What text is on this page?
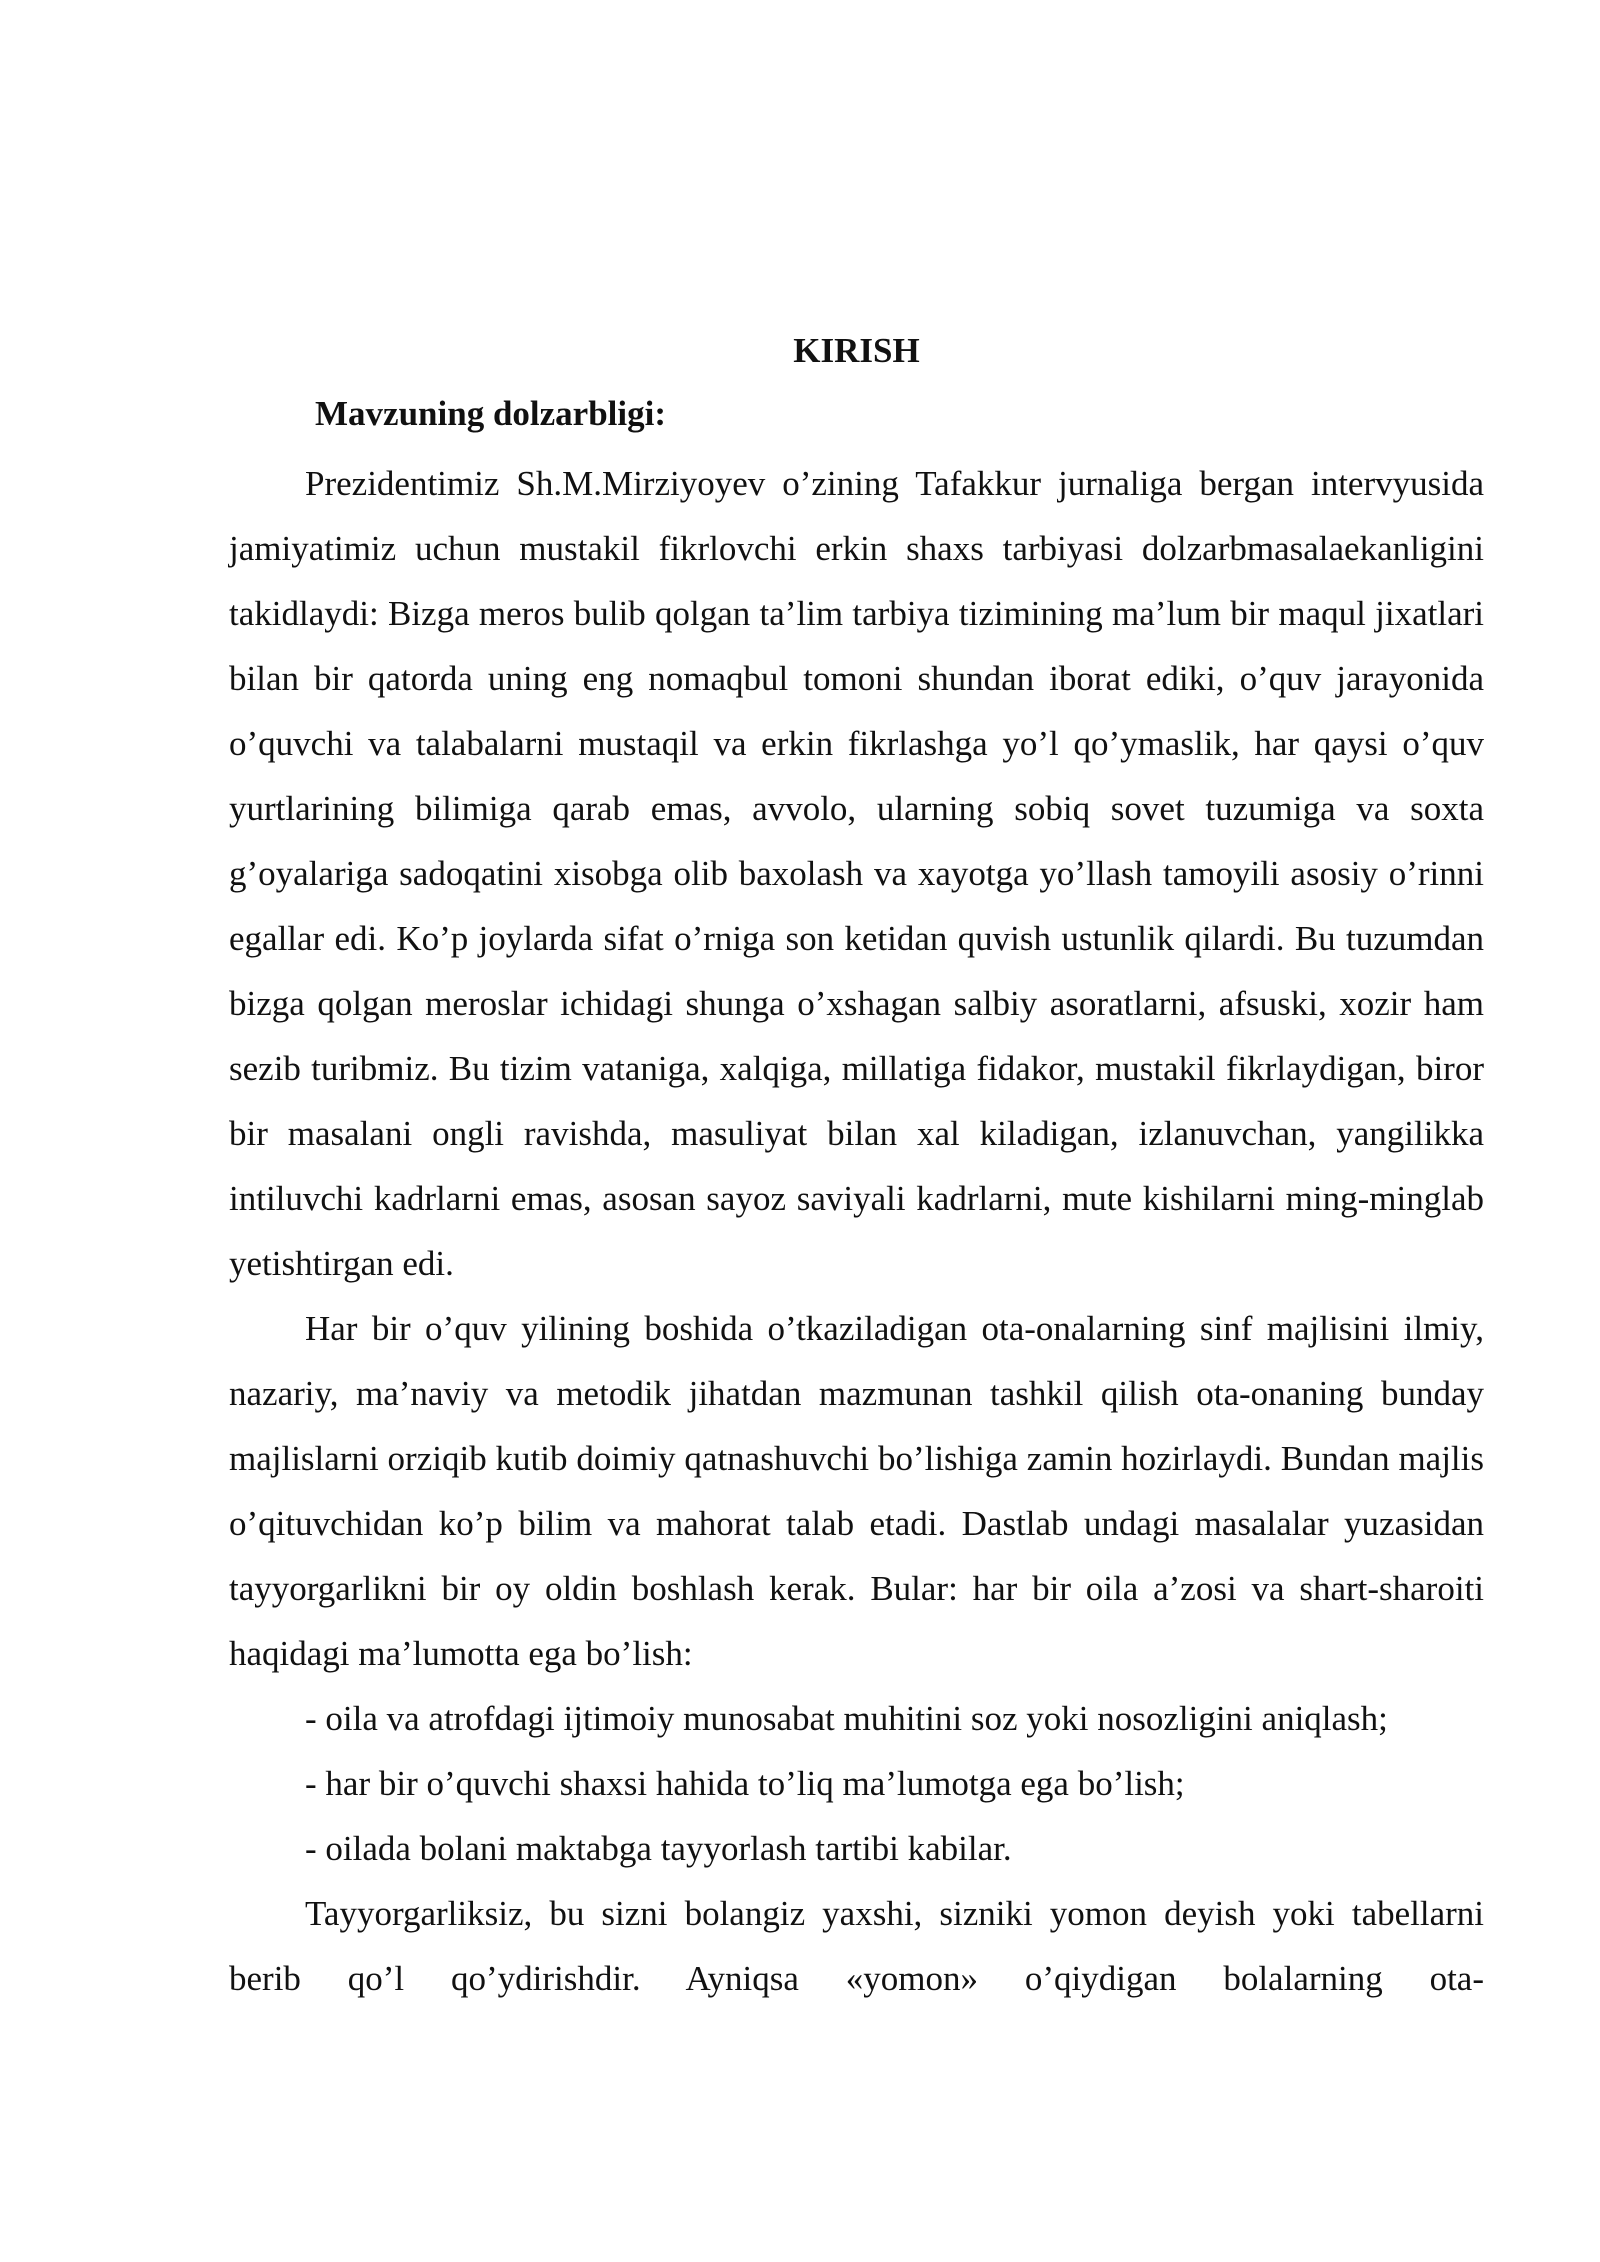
KIRISH
Mavzuning dolzarbligi:

Prezidentimiz Sh.M.Mirziyoyev o’zining Tafakkur jurnaliga bergan intervyusida jamiyatimiz uchun mustakil fikrlovchi erkin shaxs tarbiyasi dolzarbmasalaekanligini takidlaydi: Bizga meros bulib qolgan ta’lim tarbiya tizimining ma’lum bir maqul jixatlari bilan bir qatorda uning eng nomaqbul tomoni shundan iborat ediki, o’quv jarayonida o’quvchi va talabalarni mustaqil va erkin fikrlashga yo’l qo’ymaslik, har qaysi o’quv yurtlarining bilimiga qarab emas, avvolo, ularning sobiq sovet tuzumiga va soxta g’oyalariga sadoqatini xisobga olib baxolash va xayotga yo’llash tamoyili asosiy o’rinni egallar edi. Ko’p joylarda sifat o’rniga son ketidan quvish ustunlik qilardi. Bu tuzumdan bizga qolgan meroslar ichidagi shunga o’xshagan salbiy asoratlarni, afsuski, xozir ham sezib turibmiz. Bu tizim vataniga, xalqiga, millatiga fidakor, mustakil fikrlaydigan, biror bir masalani ongli ravishda, masuliyat bilan xal kiladigan, izlanuvchan, yangilikka intiluvchi kadrlarni emas, asosan sayoz saviyali kadrlarni, mute kishilarni ming-minglab yetishtirgan edi.

Har bir o’quv yilining boshida o’tkaziladigan ota-onalarning sinf majlisini ilmiy, nazariy, ma’naviy va metodik jihatdan mazmunan tashkil qilish ota-onaning bunday majlislarni orziqib kutib doimiy qatnashuvchi bo’lishiga zamin hozirlaydi. Bundan majlis o’qituvchidan ko’p bilim va mahorat talab etadi. Dastlab undagi masalalar yuzasidan tayyorgarlikni bir oy oldin boshlash kerak. Bular: har bir oila a’zosi va shart-sharoiti haqidagi ma’lumotta ega bo’lish:

- oila va atrofdagi ijtimoiy munosabat muhitini soz yoki nosozligini aniqlash;

- har bir o’quvchi shaxsi hahida to’liq ma’lumotga ega bo’lish;

- oilada bolani maktabga tayyorlash tartibi kabilar.

Tayyorgarliksiz, bu sizni bolangiz yaxshi, sizniki yomon deyish yoki tabellarni berib qo’l qo’ydirishdir. Ayniqsa «yomon» o’qiydigan bolalarning ota-
